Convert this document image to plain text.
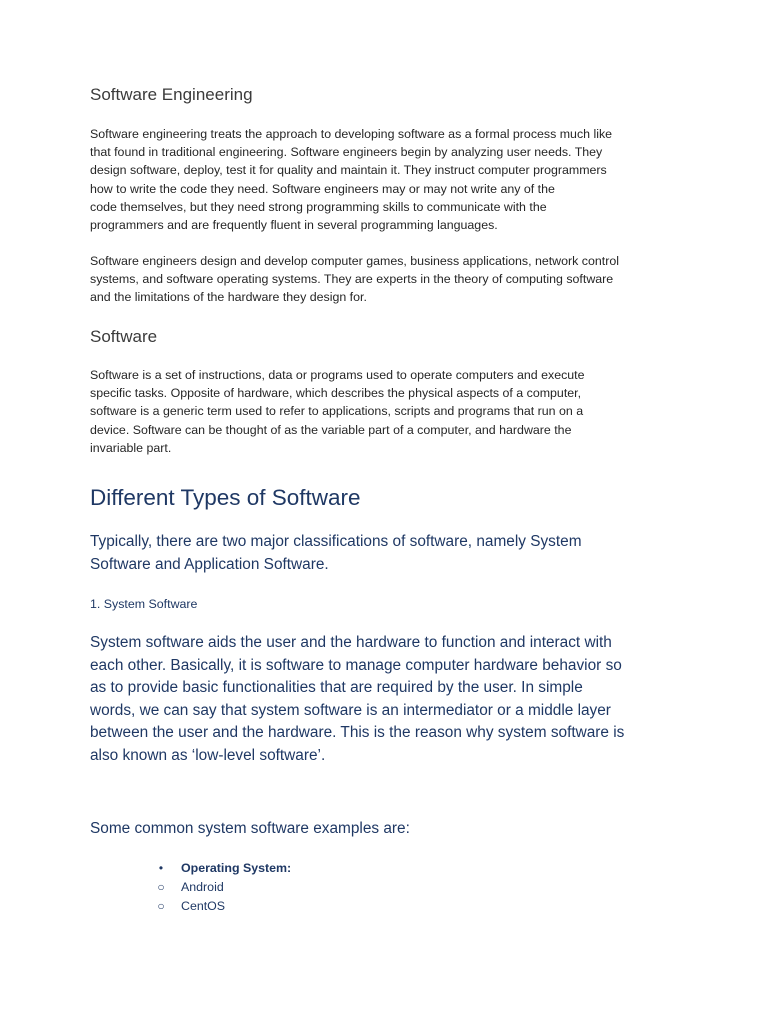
Software Engineering

Software engineering treats the approach to developing software as a formal process much like
that found in traditional engineering. Software engineers begin by analyzing user needs. They
design software, deploy, test it for quality and maintain it. They instruct computer programmers
how to write the code they need. Software engineers may or may not write any of the
code themselves, but they need strong programming skills to communicate with the
programmers and are frequently fluent in several programming languages.

Software engineers design and develop computer games, business applications, network control
systems, and software operating systems. They are experts in the theory of computing software
and the limitations of the hardware they design for.

Software

Software is a set of instructions, data or programs used to operate computers and execute
specific tasks. Opposite of hardware, which describes the physical aspects of a computer,
software is a generic term used to refer to applications, scripts and programs that run on a
device. Software can be thought of as the variable part of a computer, and hardware the
invariable part.

Different Types of Software

Typically, there are two major classifications of software, namely System
Software and Application Software.

1. System Software

System software aids the user and the hardware to function and interact with
each other. Basically, it is software to manage computer hardware behavior so
as to provide basic functionalities that are required by the user. In simple
words, we can say that system software is an intermediator or a middle layer
between the user and the hardware. This is the reason why system software is
also known as ‘low-level software’.

Some common system software examples are:

• Operating System:
○ Android
○ CentOS
